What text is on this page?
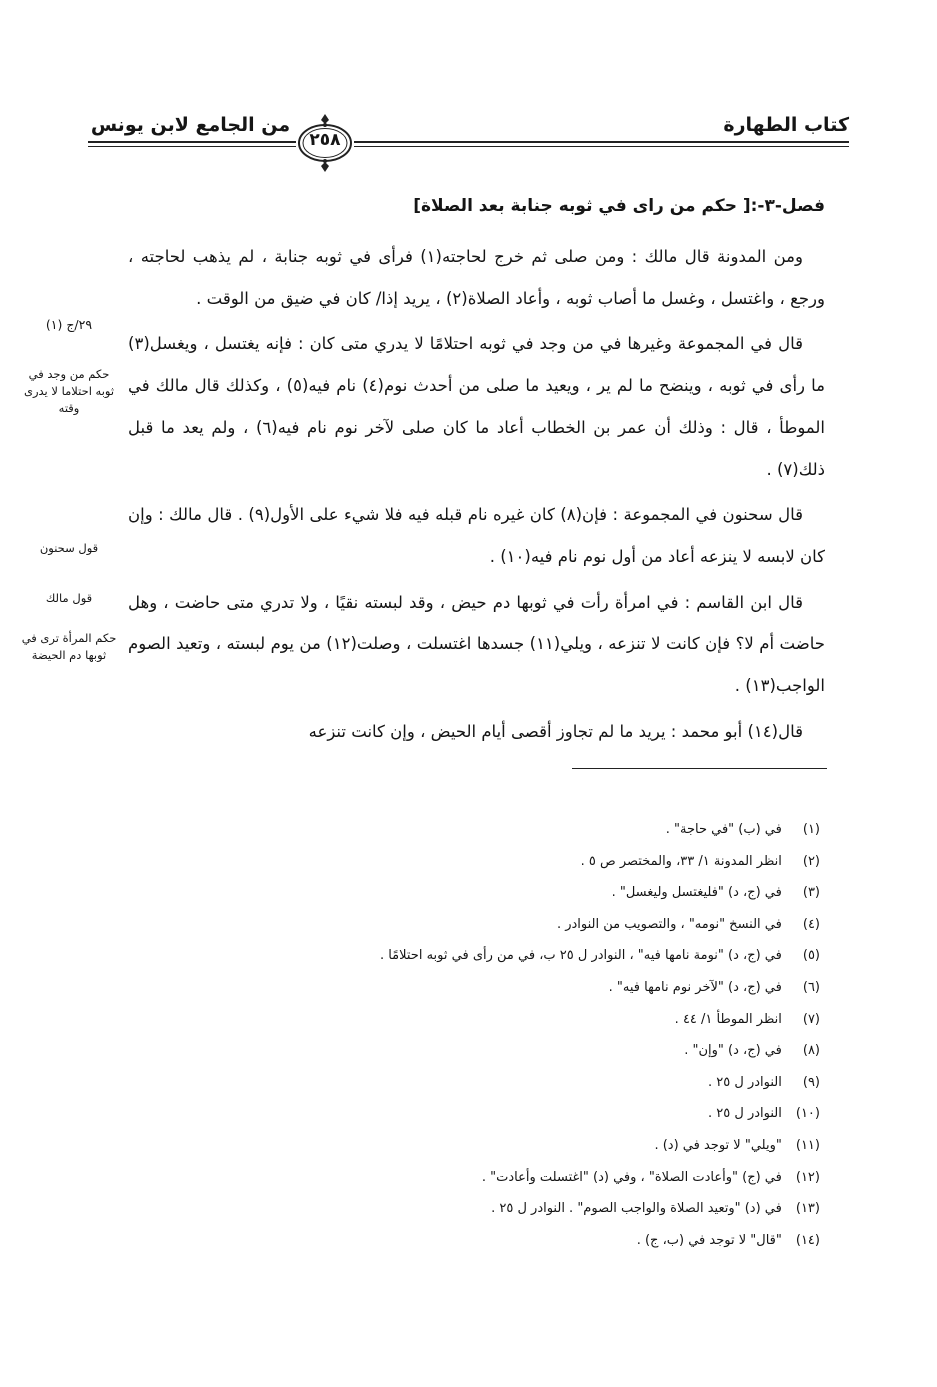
من الجامع لابن يونس	كتاب الطهارة
٢٥٨
فصل-٣-:[ حكم من راى في ثوبه جنابة بعد الصلاة]

ومن المدونة قال مالك : ومن صلى ثم خرج لحاجته(١) فرأى في ثوبه جنابة ، لم يذهب لحاجته ، ورجع ، واغتسل ، وغسل ما أصاب ثوبه ، وأعاد الصلاة(٢) ، يريد إذا/ كان في ضيق من الوقت .

قال في المجموعة وغيرها في من وجد في ثوبه احتلامًا لا يدري متى كان : فإنه يغتسل ، ويغسل(٣) ما رأى في ثوبه ، وينضح ما لم ير ، ويعيد ما صلى من أحدث نوم(٤) نام فيه(٥) ، وكذلك قال مالك في الموطأ ، قال : وذلك أن عمر بن الخطاب أعاد ما كان صلى لآخر نوم نام فيه(٦) ، ولم يعد ما قبل ذلك(٧) .

قال سحنون في المجموعة : فإن(٨) كان غيره نام قبله فيه فلا شيء على الأول(٩) . قال مالك : وإن كان لابسه لا ينزعه أعاد من أول نوم نام فيه(١٠) .

قال ابن القاسم : في امرأة رأت في ثوبها دم حيض ، وقد لبسته نقيًا ، ولا تدري متى حاضت ، وهل حاضت أم لا؟ فإن كانت لا تنزعه ، ويلي(١١) جسدها اغتسلت ، وصلت(١٢) من يوم لبسته ، وتعيد الصوم الواجب(١٣) .

قال(١٤) أبو محمد : يريد ما لم تجاوز أقصى أيام الحيض ، وإن كانت تنزعه

٢٩/ج (١)
حكم من وجد في ثوبه احتلاما لا يدرى وقته
قول سحنون
قول مالك
حكم المرأة ترى في ثوبها دم الحيضة
(١) في (ب) "في حاجة" .
(٢) انظر المدونة ١/ ٣٣، والمختصر ص ٥ .
(٣) في (ج، د) "فليغتسل وليغسل" .
(٤) في النسخ "نومه" ، والتصويب من النوادر .
(٥) في (ج، د) "نومة نامها فيه" ، النوادر ل ٢٥ ب، في من رأى في ثوبه احتلامًا .
(٦) في (ج، د) "لآخر نوم نامها فيه" .
(٧) انظر الموطأ ١/ ٤٤ .
(٨) في (ج، د) "وإن" .
(٩) النوادر ل ٢٥ .
(١٠) النوادر ل ٢٥ .
(١١) "ويلي" لا توجد في (د) .
(١٢) في (ج) "وأعادت الصلاة" ، وفي (د) "اغتسلت وأعادت" .
(١٣) في (د) "وتعيد الصلاة والواجب الصوم" . النوادر ل ٢٥ .
(١٤) "قال" لا توجد في (ب، ج) .
